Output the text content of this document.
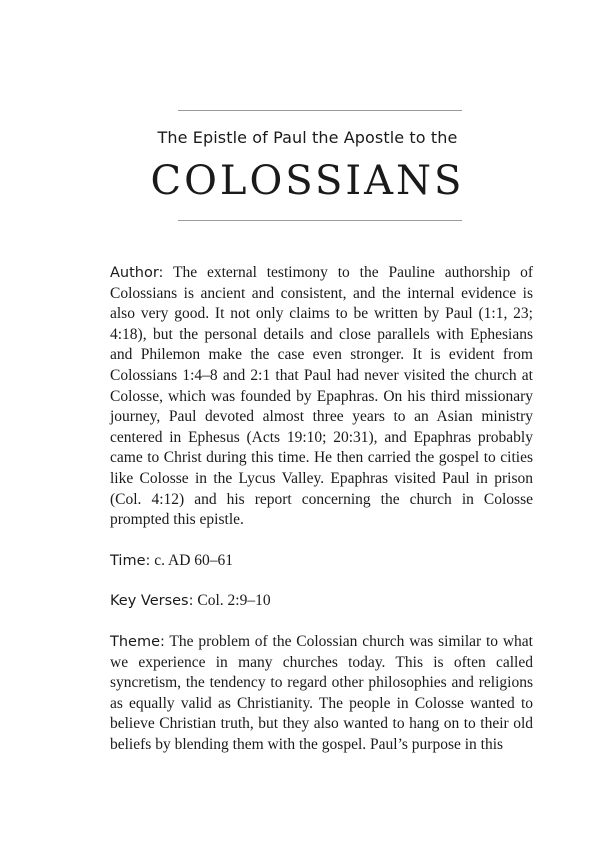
The Epistle of Paul the Apostle to the
COLOSSIANS

Author: The external testimony to the Pauline authorship of Colossians is ancient and consistent, and the internal evidence is also very good. It not only claims to be written by Paul (1:1, 23; 4:18), but the personal details and close parallels with Ephesians and Philemon make the case even stronger. It is evident from Colossians 1:4–8 and 2:1 that Paul had never visited the church at Colosse, which was founded by Epaphras. On his third missionary journey, Paul devoted almost three years to an Asian ministry centered in Ephesus (Acts 19:10; 20:31), and Epaphras probably came to Christ during this time. He then carried the gospel to cities like Colosse in the Lycus Valley. Epaphras visited Paul in prison (Col. 4:12) and his report concerning the church in Colosse prompted this epistle.

Time: c. AD 60–61

Key Verses: Col. 2:9–10

Theme: The problem of the Colossian church was similar to what we experience in many churches today. This is often called syncretism, the tendency to regard other philosophies and religions as equally valid as Christianity. The people in Colosse wanted to believe Christian truth, but they also wanted to hang on to their old beliefs by blending them with the gospel. Paul’s purpose in this
